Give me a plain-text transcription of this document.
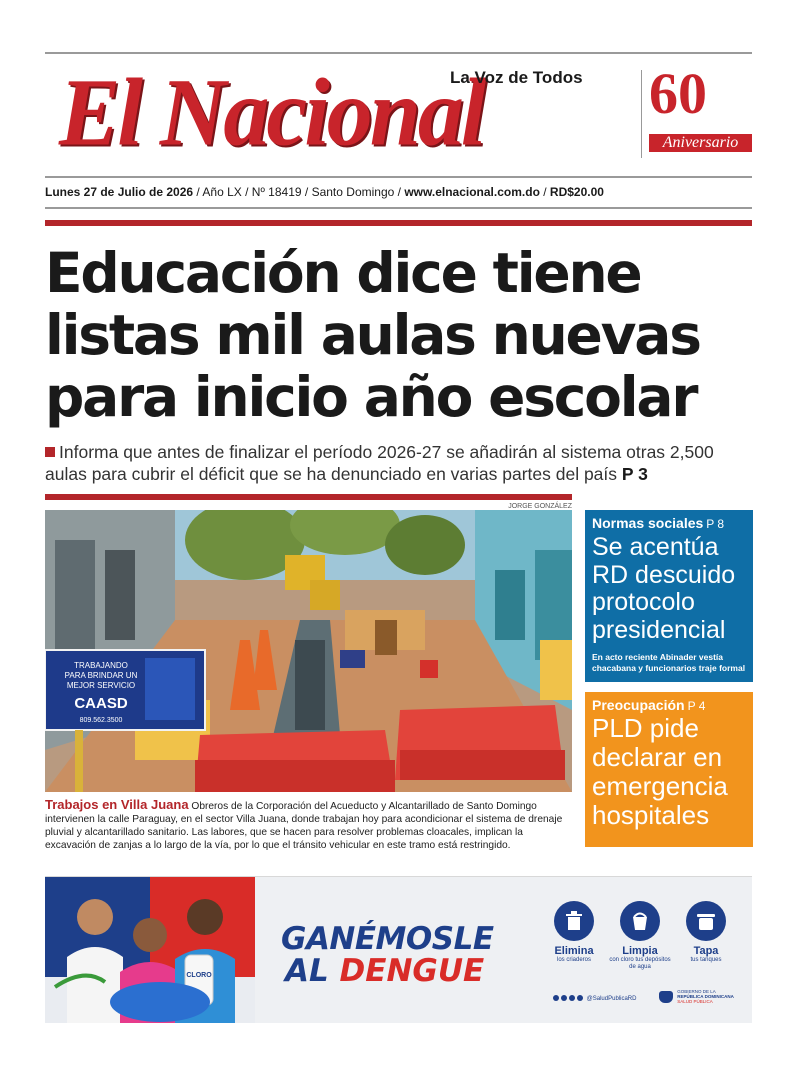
El Nacional
La Voz de Todos 60
Aniversario
Lunes 27 de Julio de 2026 / Año LX / Nº 18419 / Santo Domingo / www.elnacional.com.do / RD$20.00
Educación dice tiene
listas mil aulas nuevas
para inicio año escolar
Informa que antes de finalizar el período 2026-27 se añadirán al sistema otras 2,500 aulas para cubrir el déficit que se ha denunciado en varias partes del país P 3
JORGE GONZÁLEZ
TRABAJANDO
PARA BRINDAR UN
MEJOR SERVICIO
CAASD
809.562.3500
Trabajos en Villa Juana Obreros de la Corporación del Acueducto y Alcantarillado de Santo Domingo intervienen la calle Paraguay, en el sector Villa Juana, donde trabajan hoy para acondicionar el sistema de drenaje pluvial y alcantarillado sanitario. Las labores, que se hacen para resolver problemas cloacales, implican la excavación de zanjas a lo largo de la vía, por lo que el tránsito vehicular en este tramo está restringido.
Normas sociales P 8
Se acentúa RD descuido protocolo presidencial
En acto reciente Abinader vestía chacabana y funcionarios traje formal
Preocupación P 4
PLD pide declarar en emergencia hospitales
CLORO
GANÉMOSLE
AL DENGUE
Elimina
los criaderos
Limpia
con cloro tus depósitos de agua
Tapa
tus tanques
@SaludPublicaRD

GOBIERNO DE LA
REPÚBLICA DOMINICANA
SALUD PÚBLICA
